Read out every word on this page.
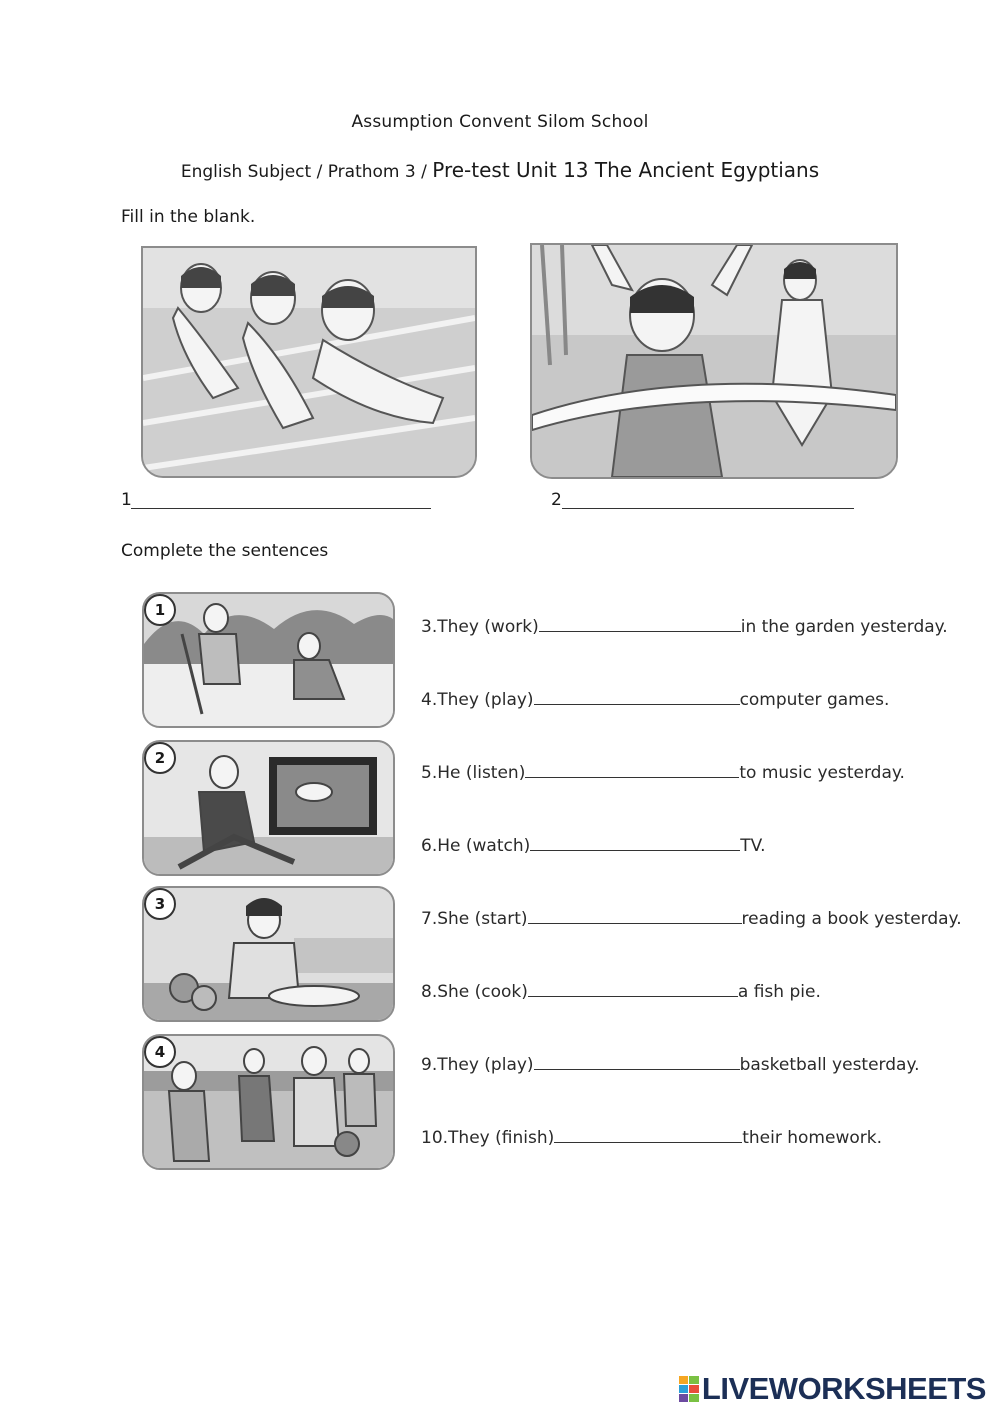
Assumption Convent Silom School
English Subject / Prathom 3 / Pre-test Unit 13 The Ancient Egyptians
Fill in the blank.
1	2
Complete the sentences
1
2
3
4
3.They (work)	in the garden yesterday.
4.They (play)	computer games.
5.He (listen)	to music yesterday.
6.He (watch)	TV.
7.She (start)	reading a book yesterday.
8.She (cook)	a fish pie.
9.They (play)	basketball yesterday.
10.They (finish)	their homework.
LIVEWORKSHEETS
